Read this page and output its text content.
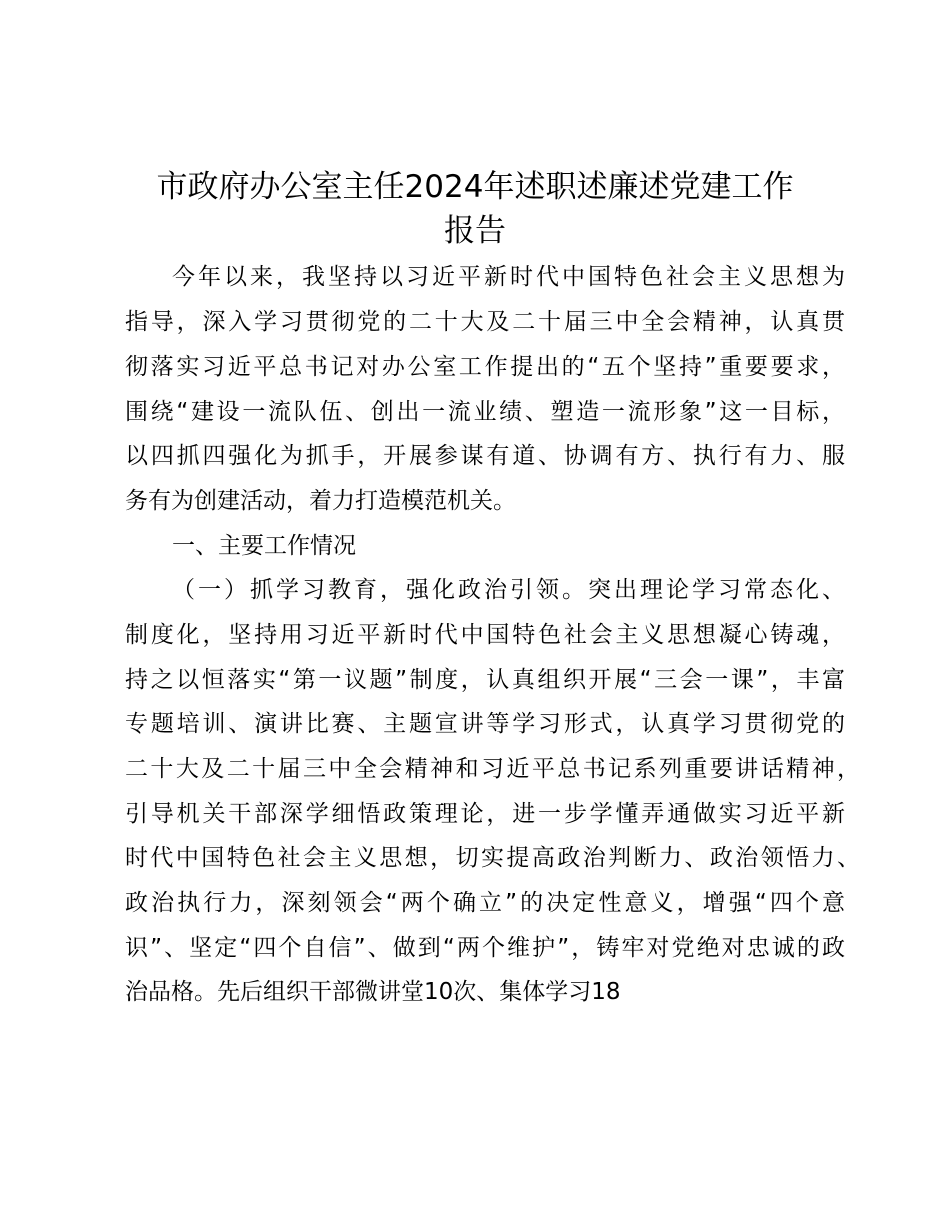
市政府办公室主任2024年述职述廉述党建工作
报告

今年以来，我坚持以习近平新时代中国特色社会主义思想为

指导，深入学习贯彻党的二十大及二十届三中全会精神，认真贯

彻落实习近平总书记对办公室工作提出的“五个坚持”重要要求，

围绕“建设一流队伍、创出一流业绩、塑造一流形象”这一目标，

以四抓四强化为抓手，开展参谋有道、协调有方、执行有力、服

务有为创建活动，着力打造模范机关。

一、主要工作情况

（一）抓学习教育，强化政治引领。突出理论学习常态化、

制度化，坚持用习近平新时代中国特色社会主义思想凝心铸魂，

持之以恒落实“第一议题”制度，认真组织开展“三会一课”，丰富

专题培训、演讲比赛、主题宣讲等学习形式，认真学习贯彻党的

二十大及二十届三中全会精神和习近平总书记系列重要讲话精神，

引导机关干部深学细悟政策理论，进一步学懂弄通做实习近平新

时代中国特色社会主义思想，切实提高政治判断力、政治领悟力、

政治执行力，深刻领会“两个确立”的决定性意义，增强“四个意

识”、坚定“四个自信”、做到“两个维护”，铸牢对党绝对忠诚的政

治品格。先后组织干部微讲堂10次、集体学习18
